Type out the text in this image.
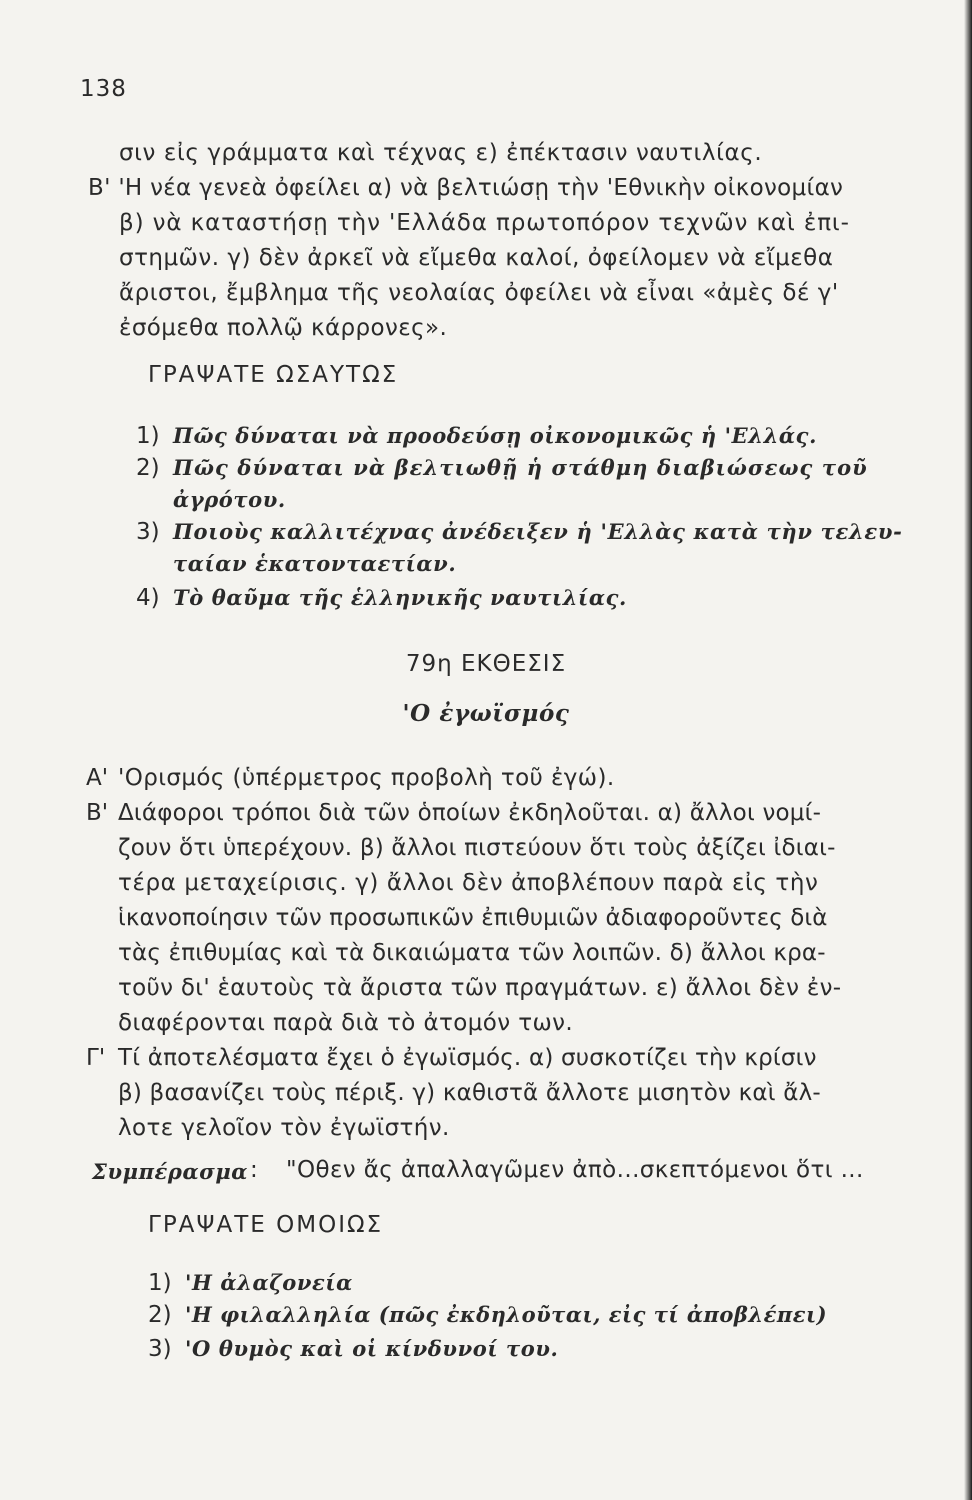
138
σιν εἰς γράμματα καὶ τέχνας ε) ἐπέκτασιν ναυτιλίας.
Β' 'Η νέα γενεὰ ὀφείλει α) νὰ βελτιώσῃ τὴν 'Εθνικὴν οἰκονομίαν
β) νὰ καταστήσῃ τὴν 'Ελλάδα πρωτοπόρον τεχνῶν καὶ ἐπι-
στημῶν. γ) δὲν ἀρκεῖ νὰ εἴμεθα καλοί, ὀφείλομεν νὰ εἴμεθα
ἄριστοι, ἔμβλημα τῆς νεολαίας ὀφείλει νὰ εἶναι «ἀμὲς δέ γ'
ἐσόμεθα πολλῷ κάρρονες».
ΓΡΑΨΑΤΕ ΩΣΑΥΤΩΣ
1) Πῶς δύναται νὰ προοδεύσῃ οἰκονομικῶς ἡ 'Ελλάς.
2) Πῶς δύναται νὰ βελτιωθῇ ἡ στάθμη διαβιώσεως τοῦ
ἀγρότου.
3) Ποιοὺς καλλιτέχνας ἀνέδειξεν ἡ 'Ελλὰς κατὰ τὴν τελευ-
ταίαν ἑκατονταετίαν.
4) Τὸ θαῦμα τῆς ἑλληνικῆς ναυτιλίας.
79η ΕΚΘΕΣΙΣ
'Ο ἐγωϊσμός
Α' 'Ορισμός (ὑπέρμετρος προβολὴ τοῦ ἐγώ).
Β' Διάφοροι τρόποι διὰ τῶν ὁποίων ἐκδηλοῦται. α) ἄλλοι νομί-
ζουν ὅτι ὑπερέχουν. β) ἄλλοι πιστεύουν ὅτι τοὺς ἀξίζει ἰδιαι-
τέρα μεταχείρισις. γ) ἄλλοι δὲν ἀποβλέπουν παρὰ εἰς τὴν
ἱκανοποίησιν τῶν προσωπικῶν ἐπιθυμιῶν ἀδιαφοροῦντες διὰ
τὰς ἐπιθυμίας καὶ τὰ δικαιώματα τῶν λοιπῶν. δ) ἄλλοι κρα-
τοῦν δι' ἑαυτοὺς τὰ ἄριστα τῶν πραγμάτων. ε) ἄλλοι δὲν ἐν-
διαφέρονται παρὰ διὰ τὸ ἀτομόν των.
Γ' Τί ἀποτελέσματα ἔχει ὁ ἐγωϊσμός. α) συσκοτίζει τὴν κρίσιν
β) βασανίζει τοὺς πέριξ. γ) καθιστᾶ ἄλλοτε μισητὸν καὶ ἄλ-
λοτε γελοῖον τὸν ἐγωϊστήν.
Συμπέρασμα : "Οθεν ἄς ἀπαλλαγῶμεν ἀπὸ...σκεπτόμενοι ὅτι ...
ΓΡΑΨΑΤΕ ΟΜΟΙΩΣ
1) 'Η ἀλαζονεία
2) 'Η φιλαλληλία (πῶς ἐκδηλοῦται, εἰς τί ἀποβλέπει)
3) 'Ο θυμὸς καὶ οἱ κίνδυνοί του.
